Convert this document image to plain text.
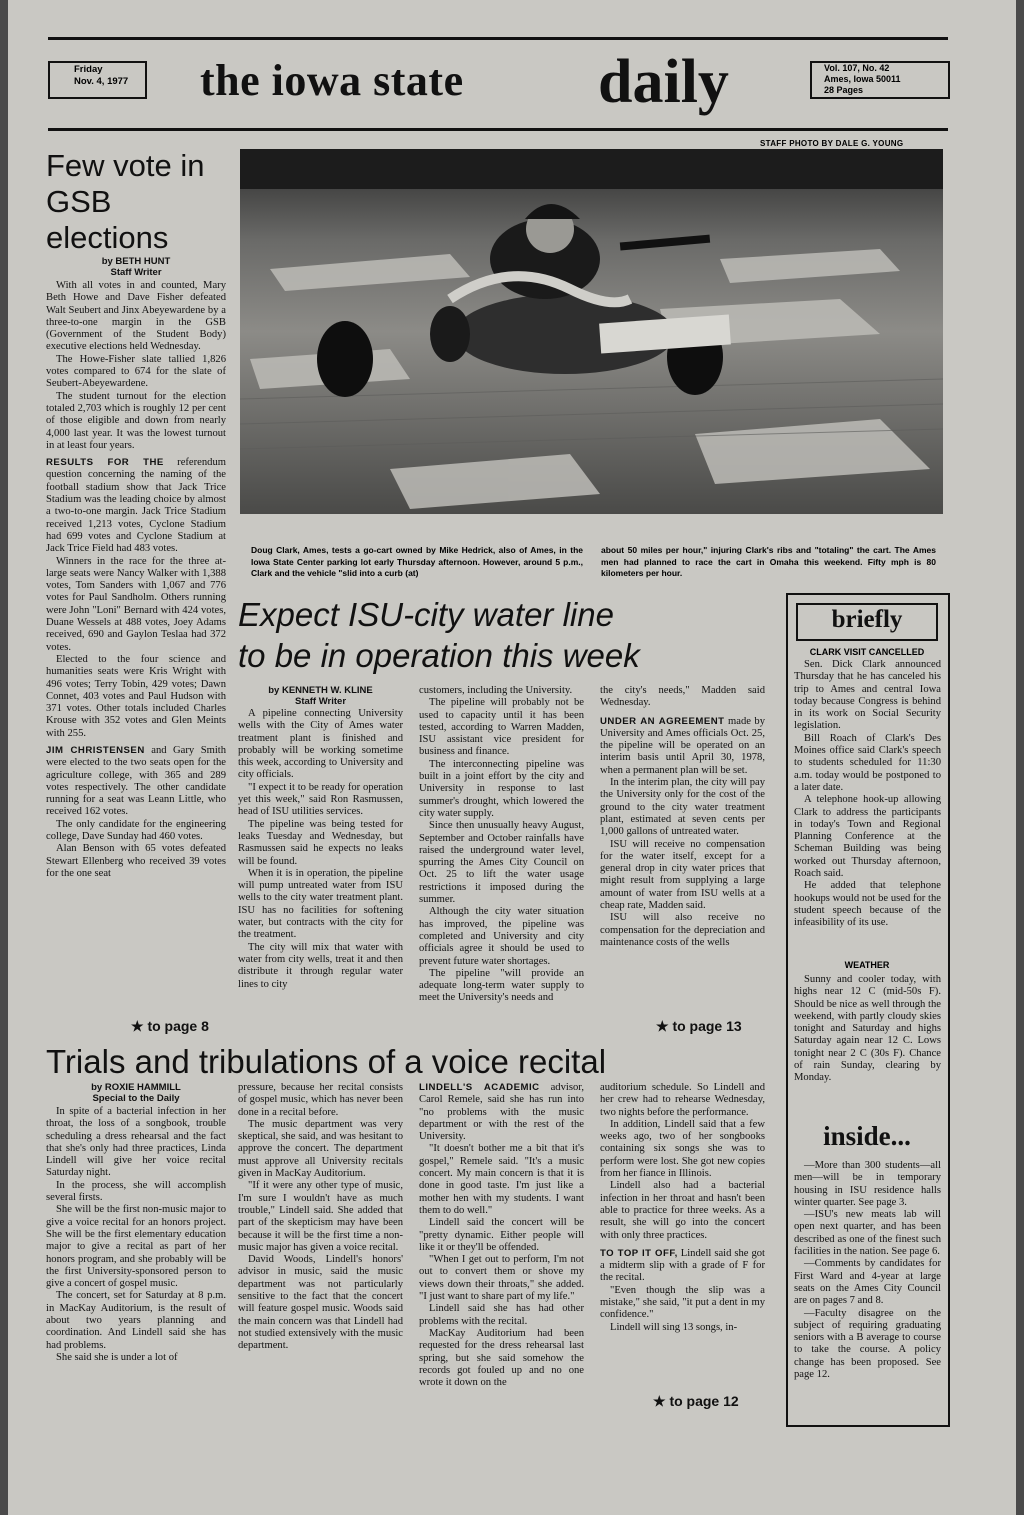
Friday
Nov. 4, 1977 the iowa state daily	Vol. 107, No. 42
Ames, Iowa 50011
28 Pages
STAFF PHOTO BY DALE G. YOUNG
Doug Clark, Ames, tests a go-cart owned by Mike Hedrick, also of Ames, in the Iowa State Center parking lot early Thursday afternoon. However, around 5 p.m., Clark and the vehicle "slid into a curb (at)
about 50 miles per hour," injuring Clark's ribs and "totaling" the cart. The Ames men had planned to race the cart in Omaha this weekend. Fifty mph is 80 kilometers per hour.
Few vote in GSB elections
by BETH HUNT
Staff Writer

With all votes in and counted, Mary Beth Howe and Dave Fisher defeated Walt Seubert and Jinx Abeyewardene by a three-to-one margin in the GSB (Government of the Student Body) executive elections held Wednesday.

The Howe-Fisher slate tallied 1,826 votes compared to 674 for the slate of Seubert-Abeyewardene.

The student turnout for the election totaled 2,703 which is roughly 12 per cent of those eligible and down from nearly 4,000 last year. It was the lowest turnout in at least four years.

RESULTS FOR THE referendum question concerning the naming of the football stadium show that Jack Trice Stadium was the leading choice by almost a two-to-one margin. Jack Trice Stadium received 1,213 votes, Cyclone Stadium had 699 votes and Cyclone Stadium at Jack Trice Field had 483 votes.

Winners in the race for the three at-large seats were Nancy Walker with 1,388 votes, Tom Sanders with 1,067 and 776 votes for Paul Sandholm. Others running were John "Loni" Bernard with 424 votes, Duane Wessels at 488 votes, Joey Adams received, 690 and Gaylon Teslaa had 372 votes.

Elected to the four science and humanities seats were Kris Wright with 496 votes; Terry Tobin, 429 votes; Dawn Connet, 403 votes and Paul Hudson with 371 votes. Other totals included Charles Krouse with 352 votes and Glen Meints with 255.

JIM CHRISTENSEN and Gary Smith were elected to the two seats open for the agriculture college, with 365 and 289 votes respectively. The other candidate running for a seat was Leann Little, who received 162 votes.

The only candidate for the engineering college, Dave Sunday had 460 votes.

Alan Benson with 65 votes defeated Stewart Ellenberg who received 39 votes for the one seat

★ to page 8
Expect ISU-city water line
to be in operation this week
by KENNETH W. KLINE
Staff Writer

A pipeline connecting University wells with the City of Ames water treatment plant is finished and probably will be working sometime this week, according to University and city officials.

"I expect it to be ready for operation yet this week," said Ron Rasmussen, head of ISU utilities services.

The pipeline was being tested for leaks Tuesday and Wednesday, but Rasmussen said he expects no leaks will be found.

When it is in operation, the pipeline will pump untreated water from ISU wells to the city water treatment plant. ISU has no facilities for softening water, but contracts with the city for the treatment.

The city will mix that water with water from city wells, treat it and then distribute it through regular water lines to city

customers, including the University.

The pipeline will probably not be used to capacity until it has been tested, according to Warren Madden, ISU assistant vice president for business and finance.

The interconnecting pipeline was built in a joint effort by the city and University in response to last summer's drought, which lowered the city water supply.

Since then unusually heavy August, September and October rainfalls have raised the underground water level, spurring the Ames City Council on Oct. 25 to lift the water usage restrictions it imposed during the summer.

Although the city water situation has improved, the pipeline was completed and University and city officials agree it should be used to prevent future water shortages.

The pipeline "will provide an adequate long-term water supply to meet the University's needs and

the city's needs," Madden said Wednesday.

UNDER AN AGREEMENT made by University and Ames officials Oct. 25, the pipeline will be operated on an interim basis until April 30, 1978, when a permanent plan will be set.

In the interim plan, the city will pay the University only for the cost of the ground to the city water treatment plant, estimated at seven cents per 1,000 gallons of untreated water.

ISU will receive no compensation for the water itself, except for a general drop in city water prices that might result from supplying a large amount of water from ISU wells at a cheap rate, Madden said.

ISU will also receive no compensation for the depreciation and maintenance costs of the wells

★ to page 13
briefly
CLARK VISIT CANCELLED

Sen. Dick Clark announced Thursday that he has canceled his trip to Ames and central Iowa today because Congress is behind in its work on Social Security legislation.

Bill Roach of Clark's Des Moines office said Clark's speech to students scheduled for 11:30 a.m. today would be postponed to a later date.

A telephone hook-up allowing Clark to address the participants in today's Town and Regional Planning Conference at the Scheman Building was being worked out Thursday afternoon, Roach said.

He added that telephone hookups would not be used for the student speech because of the infeasibility of its use.

WEATHER

Sunny and cooler today, with highs near 12 C (mid-50s F). Should be nice as well through the weekend, with partly cloudy skies tonight and Saturday and highs Saturday again near 12 C. Lows tonight near 2 C (30s F). Chance of rain Sunday, clearing by Monday.

inside...

—More than 300 students—all men—will be in temporary housing in ISU residence halls winter quarter. See page 3.

—ISU's new meats lab will open next quarter, and has been described as one of the finest such facilities in the nation. See page 6.

—Comments by candidates for First Ward and 4-year at large seats on the Ames City Council are on pages 7 and 8.

—Faculty disagree on the subject of requiring graduating seniors with a B average to course to take the course. A policy change has been proposed. See page 12.

Trials and tribulations of a voice recital
by ROXIE HAMMILL
Special to the Daily

In spite of a bacterial infection in her throat, the loss of a songbook, trouble scheduling a dress rehearsal and the fact that she's only had three practices, Linda Lindell will give her voice recital Saturday night.

In the process, she will accomplish several firsts.

She will be the first non-music major to give a voice recital for an honors project. She will be the first elementary education major to give a recital as part of her honors program, and she probably will be the first University-sponsored person to give a concert of gospel music.

The concert, set for Saturday at 8 p.m. in MacKay Auditorium, is the result of about two years planning and coordination. And Lindell said she has had problems.

She said she is under a lot of

pressure, because her recital consists of gospel music, which has never been done in a recital before.

The music department was very skeptical, she said, and was hesitant to approve the concert. The department must approve all University recitals given in MacKay Auditorium.

"If it were any other type of music, I'm sure I wouldn't have as much trouble," Lindell said. She added that part of the skepticism may have been because it will be the first time a non-music major has given a voice recital.

David Woods, Lindell's honors' advisor in music, said the music department was not particularly sensitive to the fact that the concert will feature gospel music. Woods said the main concern was that Lindell had not studied extensively with the music department.

LINDELL'S ACADEMIC advisor, Carol Remele, said she has run into "no problems with the music department or with the rest of the University.

"It doesn't bother me a bit that it's gospel," Remele said. "It's a music concert. My main concern is that it is done in good taste. I'm just like a mother hen with my students. I want them to do well."

Lindell said the concert will be "pretty dynamic. Either people will like it or they'll be offended.

"When I get out to perform, I'm not out to convert them or shove my views down their throats," she added. "I just want to share part of my life."

Lindell said she has had other problems with the recital.

MacKay Auditorium had been requested for the dress rehearsal last spring, but she said somehow the records got fouled up and no one wrote it down on the

auditorium schedule. So Lindell and her crew had to rehearse Wednesday, two nights before the performance.

In addition, Lindell said that a few weeks ago, two of her songbooks containing six songs she was to perform were lost. She got new copies from her fiance in Illinois.

Lindell also had a bacterial infection in her throat and hasn't been able to practice for three weeks. As a result, she will go into the concert with only three practices.

TO TOP IT OFF, Lindell said she got a midterm slip with a grade of F for the recital.

"Even though the slip was a mistake," she said, "it put a dent in my confidence."

Lindell will sing 13 songs, in-

★ to page 12
